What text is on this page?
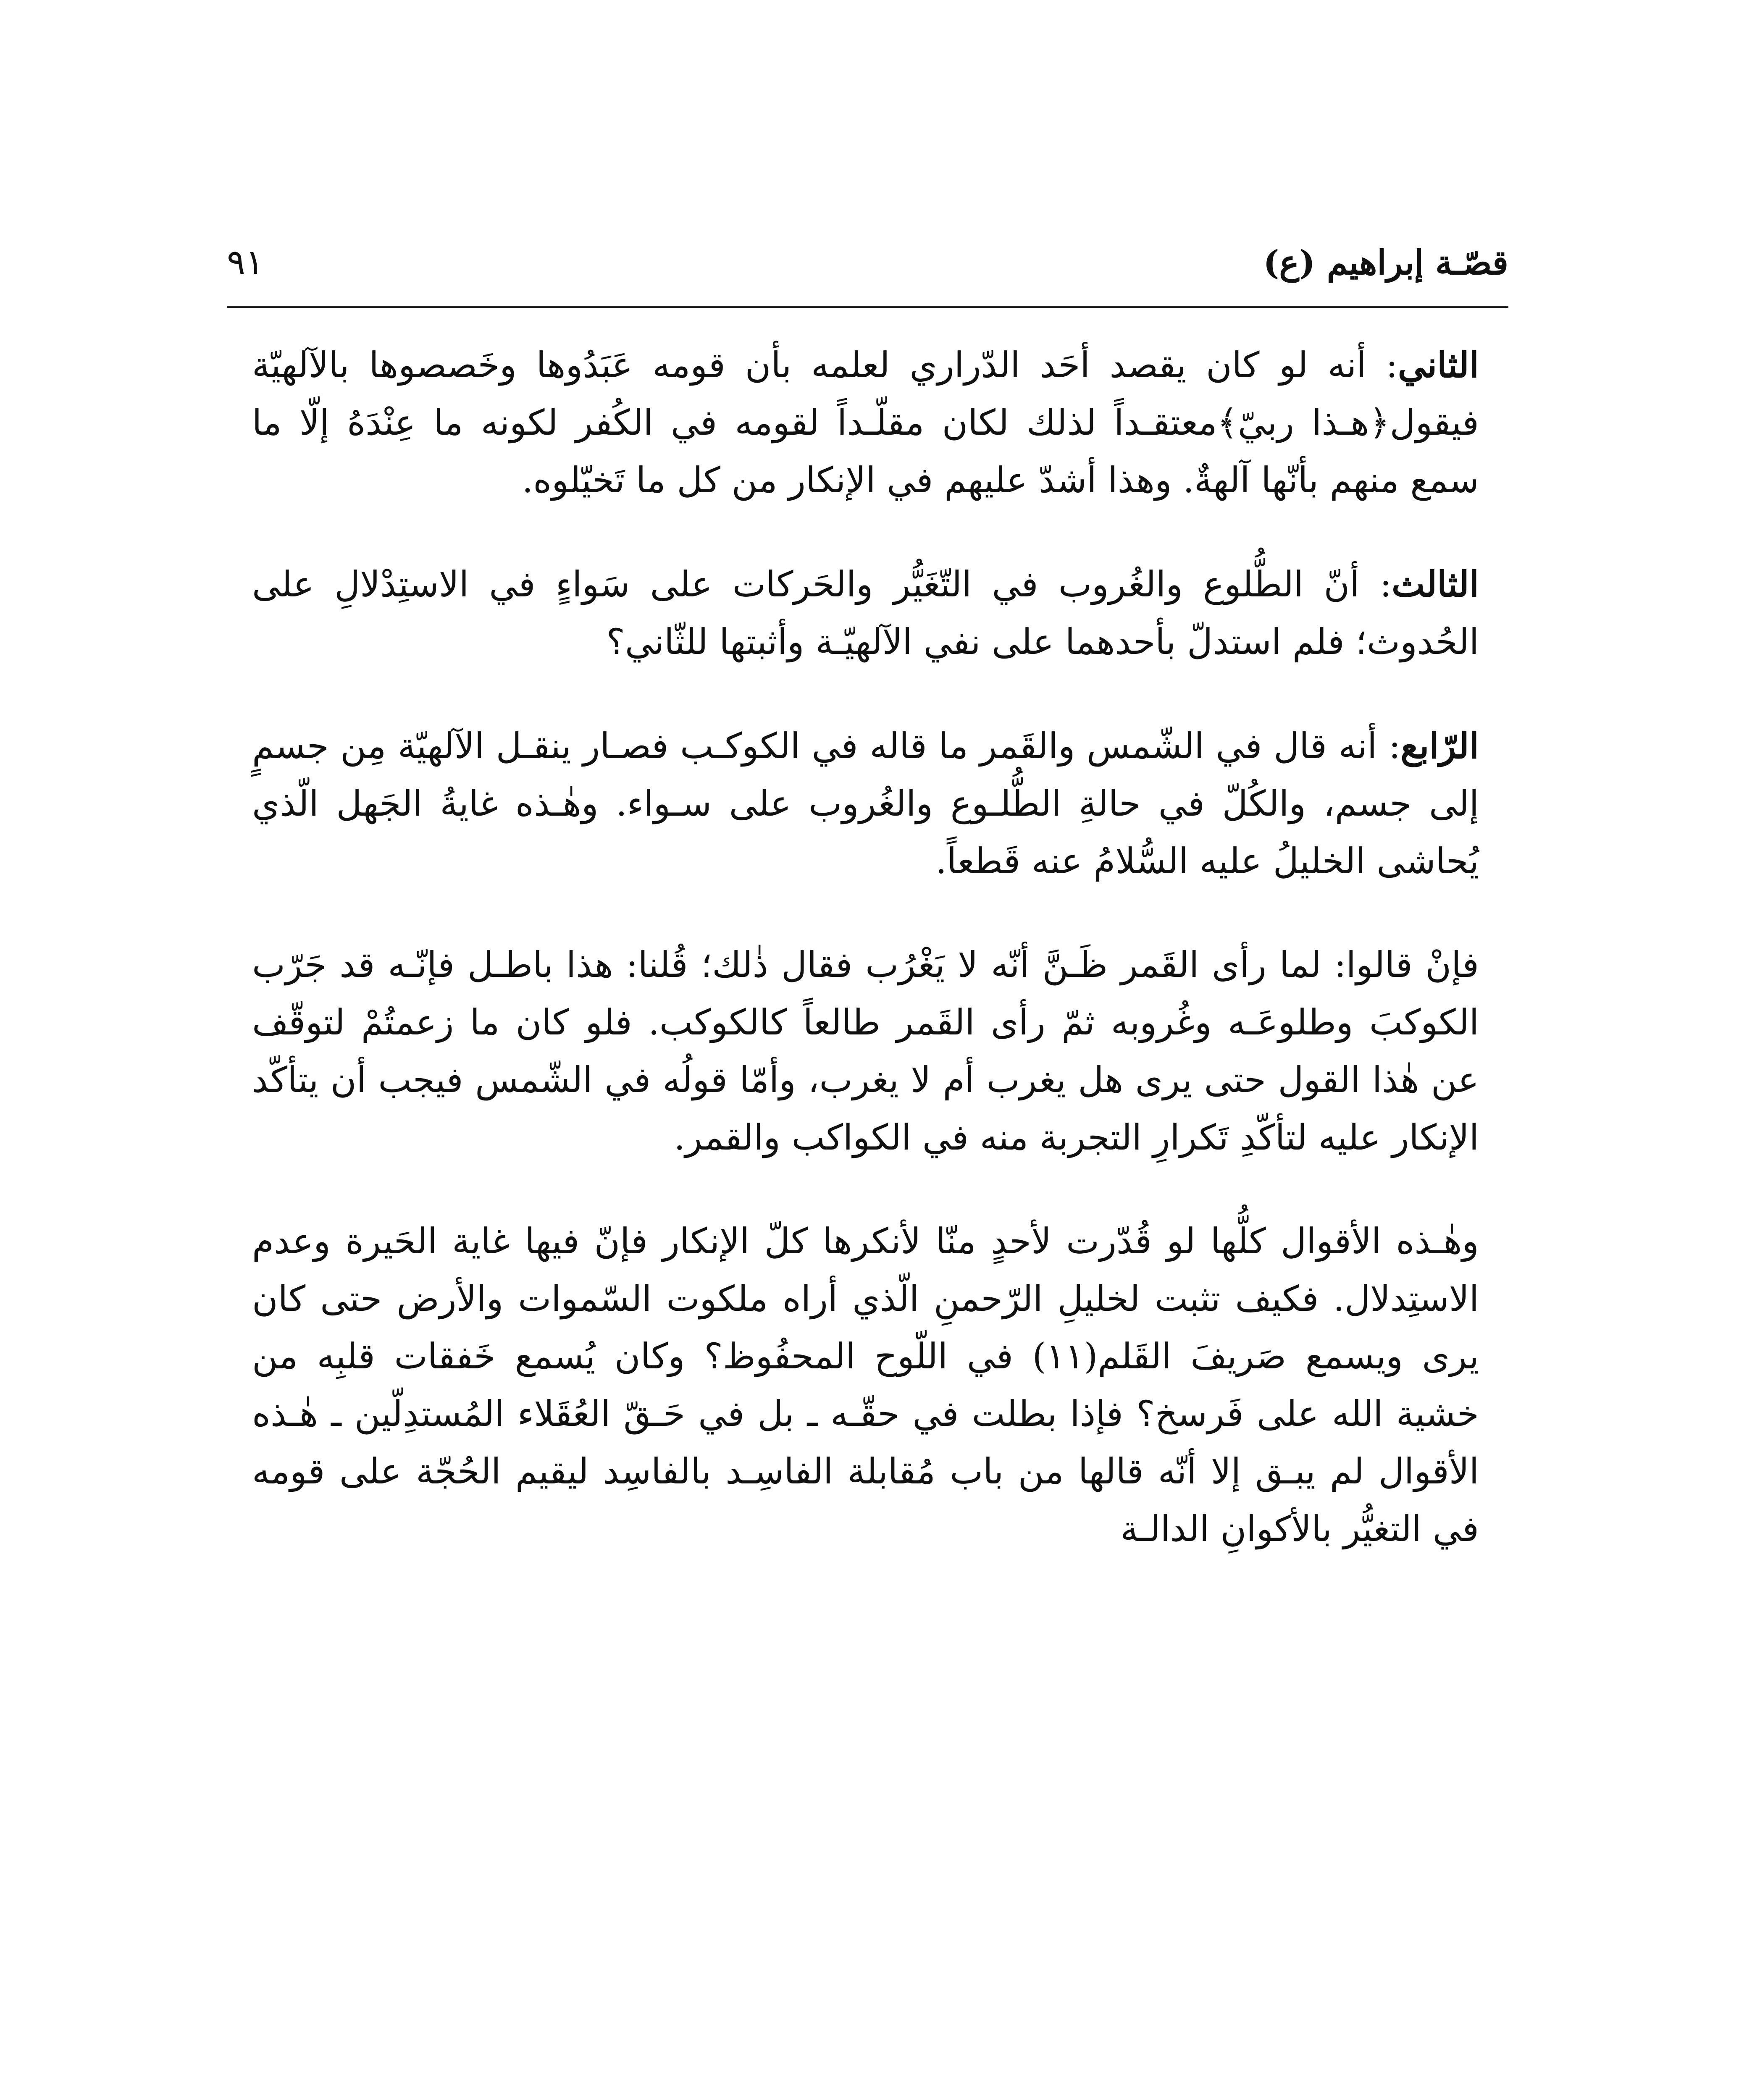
قصّـة إبراهيم (ع)
٩١

الثاني: أنه لو كان يقصد أحَد الدّراري لعلمه بأن قومه عَبَدُوها وخَصصوها بالآلهيّة فيقول﴿هـذا ربيّ﴾معتقـداً لذلك لكان مقلّـداً لقومه في الكُفر لكونه ما عِنْدَهُ إلّا ما سمع منهم بأنّها آلهةٌ. وهذا أشدّ عليهم في الإنكار من كل ما تَخيّلوه.

الثالث: أنّ الطُّلوع والغُروب في التّغَيُّر والحَركات على سَواءٍ في الاستِدْلالِ على الحُدوث؛ فلم استدلّ بأحدهما على نفي الآلهيّـة وأثبتها للثّاني؟

الرّابع: أنه قال في الشّمس والقَمر ما قاله في الكوكـب فصـار ينقـل الآلهيّة مِن جسمٍ إلى جسم، والكُلّ في حالةِ الطُّلـوع والغُروب على سـواء. وهٰـذه غايةُ الجَهل الّذي يُحاشى الخليلُ عليه السُّلامُ عنه قَطعاً.

فإنْ قالوا: لما رأى القَمر ظَـنَّ أنّه لا يَغْرُب فقال ذٰلك؛ قُلنا: هذا باطـل فإنّـه قد جَرّب الكوكبَ وطلوعَـه وغُروبه ثمّ رأى القَمر طالعاً كالكوكب. فلو كان ما زعمتُمْ لتوقّف عن هٰذا القول حتى يرى هل يغرب أم لا يغرب، وأمّا قولُه في الشّمس فيجب أن يتأكّد الإنكار عليه لتأكّدِ تَكرارِ التجربة منه في الكواكب والقمر.

وهٰـذه الأقوال كلُّها لو قُدّرت لأحدٍ منّا لأنكرها كلّ الإنكار فإنّ فيها غاية الحَيرة وعدم الاستِدلال. فكيف تثبت لخليلِ الرّحمنِ الّذي أراه ملكوت السّموات والأرض حتى كان يرى ويسمع صَريفَ القَلم(١١) في اللّوح المحفُوظ؟ وكان يُسمع خَفقات قلبِه من خشية الله على فَرسخ؟ فإذا بطلت في حقّـه ـ بل في حَـقّ العُقَلاء المُستدِلّين ـ هٰـذه الأقوال لم يبـق إلا أنّه قالها من باب مُقابلة الفاسِـد بالفاسِد ليقيم الحُجّة على قومه في التغيُّر بالأكوانِ الدالـة
